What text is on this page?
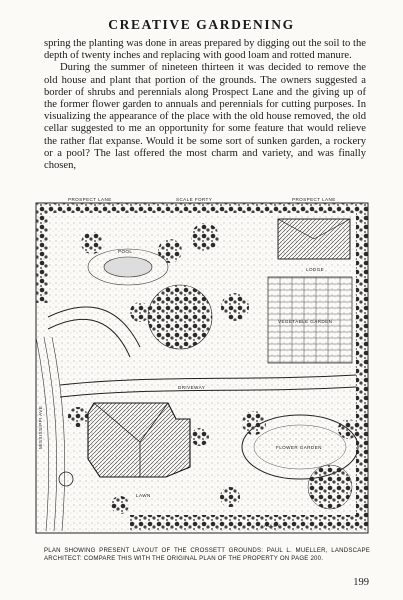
CREATIVE GARDENING

spring the planting was done in areas prepared by digging out the soil to the depth of twenty inches and replacing with good loam and rotted manure.

During the summer of nineteen thirteen it was decided to remove the old house and plant that portion of the grounds. The owners suggested a border of shrubs and perennials along Prospect Lane and the giving up of the former flower garden to annuals and perennials for cutting purposes. In visualizing the appearance of the place with the old house removed, the old cellar suggested to me an opportunity for some feature that would relieve the rather flat expanse. Would it be some sort of sunken garden, a rockery or a pool? The last offered the most charm and variety, and was finally chosen,

PROSPECT LANE	SCALE FORTY	PROSPECT LANE
POOL
LODGE
VEGETABLE GARDEN
DRIVEWAY
MISSISSIPPI AVE	FLOWER GARDEN
LAWN
ALLEY
PLAN SHOWING PRESENT LAYOUT OF THE CROSSETT GROUNDS: PAUL L. MUELLER, LANDSCAPE ARCHITECT: COMPARE THIS WITH THE ORIGINAL PLAN OF THE PROPERTY ON PAGE 200.
199
